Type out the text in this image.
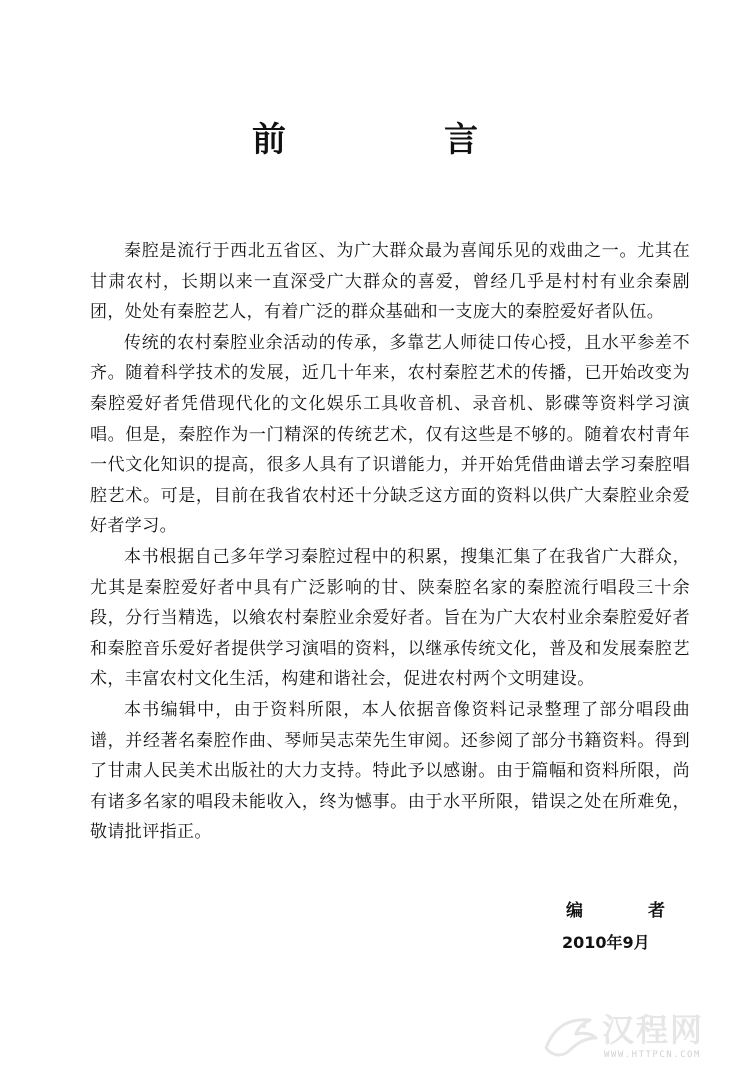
前　言

秦腔是流行于西北五省区、为广大群众最为喜闻乐见的戏曲之一。尤其在甘肃农村，长期以来一直深受广大群众的喜爱，曾经几乎是村村有业余秦剧团，处处有秦腔艺人，有着广泛的群众基础和一支庞大的秦腔爱好者队伍。

传统的农村秦腔业余活动的传承，多靠艺人师徒口传心授，且水平参差不齐。随着科学技术的发展，近几十年来，农村秦腔艺术的传播，已开始改变为秦腔爱好者凭借现代化的文化娱乐工具收音机、录音机、影碟等资料学习演唱。但是，秦腔作为一门精深的传统艺术，仅有这些是不够的。随着农村青年一代文化知识的提高，很多人具有了识谱能力，并开始凭借曲谱去学习秦腔唱腔艺术。可是，目前在我省农村还十分缺乏这方面的资料以供广大秦腔业余爱好者学习。

本书根据自己多年学习秦腔过程中的积累，搜集汇集了在我省广大群众，尤其是秦腔爱好者中具有广泛影响的甘、陕秦腔名家的秦腔流行唱段三十余段，分行当精选，以飨农村秦腔业余爱好者。旨在为广大农村业余秦腔爱好者和秦腔音乐爱好者提供学习演唱的资料，以继承传统文化，普及和发展秦腔艺术，丰富农村文化生活，构建和谐社会，促进农村两个文明建设。

本书编辑中，由于资料所限，本人依据音像资料记录整理了部分唱段曲谱，并经著名秦腔作曲、琴师吴志荣先生审阅。还参阅了部分书籍资料。得到了甘肃人民美术出版社的大力支持。特此予以感谢。由于篇幅和资料所限，尚有诸多名家的唱段未能收入，终为憾事。由于水平所限，错误之处在所难免，敬请批评指正。

编　者
2010年9月
汉程网
WWW.HTTPCN.COM
